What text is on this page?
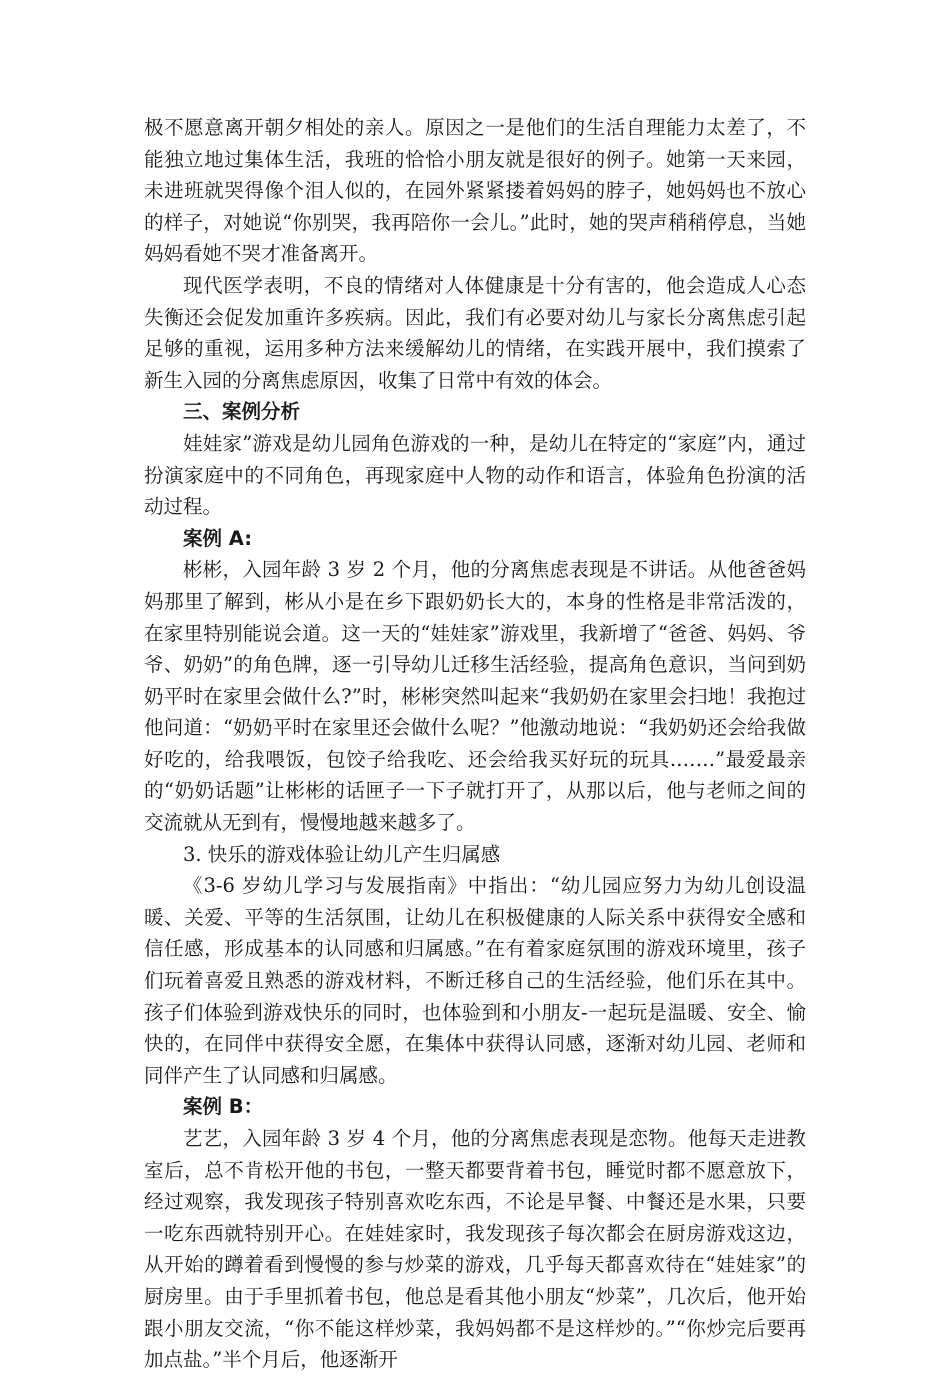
极不愿意离开朝夕相处的亲人。原因之一是他们的生活自理能力太差了，不能独立地过集体生活，我班的恰恰小朋友就是很好的例子。她第一天来园，未进班就哭得像个泪人似的，在园外紧紧搂着妈妈的脖子，她妈妈也不放心的样子，对她说“你别哭，我再陪你一会儿。”此时，她的哭声稍稍停息，当她妈妈看她不哭才准备离开。

现代医学表明，不良的情绪对人体健康是十分有害的，他会造成人心态失衡还会促发加重许多疾病。因此，我们有必要对幼儿与家长分离焦虑引起足够的重视，运用多种方法来缓解幼儿的情绪，在实践开展中，我们摸索了新生入园的分离焦虑原因，收集了日常中有效的体会。

三、案例分析

娃娃家”游戏是幼儿园角色游戏的一种，是幼儿在特定的“家庭”内，通过扮演家庭中的不同角色，再现家庭中人物的动作和语言，体验角色扮演的活动过程。

案例 A:

彬彬，入园年龄 3 岁 2 个月，他的分离焦虑表现是不讲话。从他爸爸妈妈那里了解到，彬从小是在乡下跟奶奶长大的，本身的性格是非常活泼的，在家里特别能说会道。这一天的“娃娃家”游戏里，我新增了“爸爸、妈妈、爷爷、奶奶”的角色牌，逐一引导幼儿迁移生活经验，提高角色意识，当问到奶奶平时在家里会做什么?”时，彬彬突然叫起来“我奶奶在家里会扫地！我抱过他问道：“奶奶平时在家里还会做什么呢？”他激动地说：“我奶奶还会给我做好吃的，给我喂饭，包饺子给我吃、还会给我买好玩的玩具.……”最爱最亲的“奶奶话题”让彬彬的话匣子一下子就打开了，从那以后，他与老师之间的交流就从无到有，慢慢地越来越多了。

3. 快乐的游戏体验让幼儿产生归属感

《3-6 岁幼儿学习与发展指南》中指出：“幼儿园应努力为幼儿创设温暖、关爱、平等的生活氛围，让幼儿在积极健康的人际关系中获得安全感和信任感，形成基本的认同感和归属感。”在有着家庭氛围的游戏环境里，孩子们玩着喜爱且熟悉的游戏材料，不断迁移自己的生活经验，他们乐在其中。孩子们体验到游戏快乐的同时，也体验到和小朋友-一起玩是温暖、安全、愉快的，在同伴中获得安全愿，在集体中获得认同感，逐渐对幼儿园、老师和同伴产生了认同感和归属感。

案例 B：

艺艺，入园年龄 3 岁 4 个月，他的分离焦虑表现是恋物。他每天走进教室后，总不肯松开他的书包，一整天都要背着书包，睡觉时都不愿意放下，经过观察，我发现孩子特别喜欢吃东西，不论是早餐、中餐还是水果，只要一吃东西就特别开心。在娃娃家时，我发现孩子每次都会在厨房游戏这边，从开始的蹲着看到慢慢的参与炒菜的游戏，几乎每天都喜欢待在“娃娃家”的厨房里。由于手里抓着书包，他总是看其他小朋友“炒菜”，几次后，他开始跟小朋友交流，“你不能这样炒菜，我妈妈都不是这样炒的。”“你炒完后要再加点盐。”半个月后，他逐渐开
